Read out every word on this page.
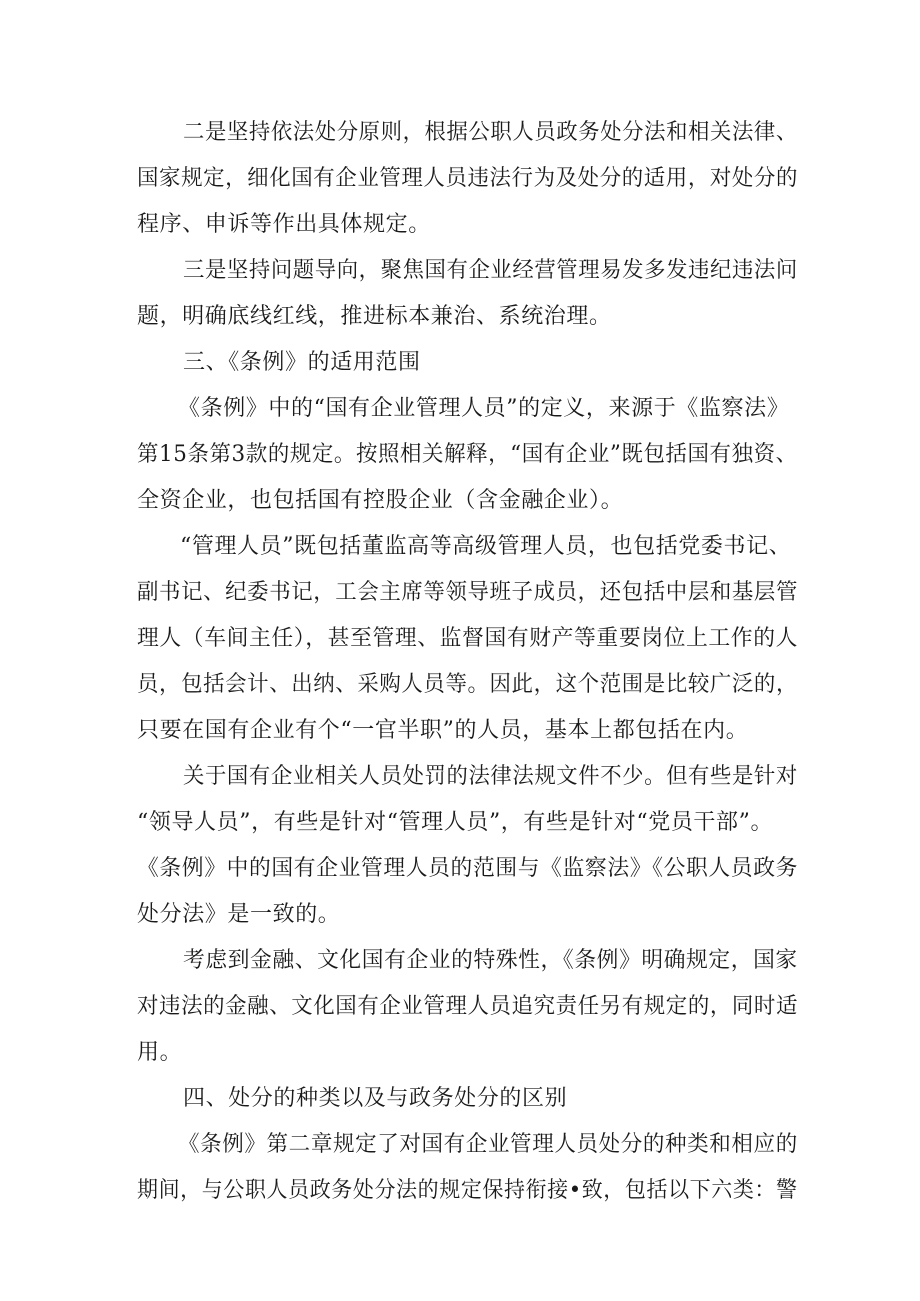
二是坚持依法处分原则，根据公职人员政务处分法和相关法律、
国家规定，细化国有企业管理人员违法行为及处分的适用，对处分的
程序、申诉等作出具体规定。
三是坚持问题导向，聚焦国有企业经营管理易发多发违纪违法问
题，明确底线红线，推进标本兼治、系统治理。
三、《条例》的适用范围
《条例》中的“国有企业管理人员”的定义，来源于《监察法》
第15条第3款的规定。按照相关解释，“国有企业”既包括国有独资、
全资企业，也包括国有控股企业（含金融企业）。
“管理人员”既包括董监高等高级管理人员，也包括党委书记、
副书记、纪委书记，工会主席等领导班子成员，还包括中层和基层管
理人（车间主任），甚至管理、监督国有财产等重要岗位上工作的人
员，包括会计、出纳、采购人员等。因此，这个范围是比较广泛的，
只要在国有企业有个“一官半职”的人员，基本上都包括在内。
关于国有企业相关人员处罚的法律法规文件不少。但有些是针对
“领导人员”，有些是针对“管理人员”，有些是针对“党员干部”。
《条例》中的国有企业管理人员的范围与《监察法》《公职人员政务
处分法》是一致的。
考虑到金融、文化国有企业的特殊性，《条例》明确规定，国家
对违法的金融、文化国有企业管理人员追究责任另有规定的，同时适
用。
四、处分的种类以及与政务处分的区别
《条例》第二章规定了对国有企业管理人员处分的种类和相应的
期间，与公职人员政务处分法的规定保持衔接•致，包括以下六类：警
